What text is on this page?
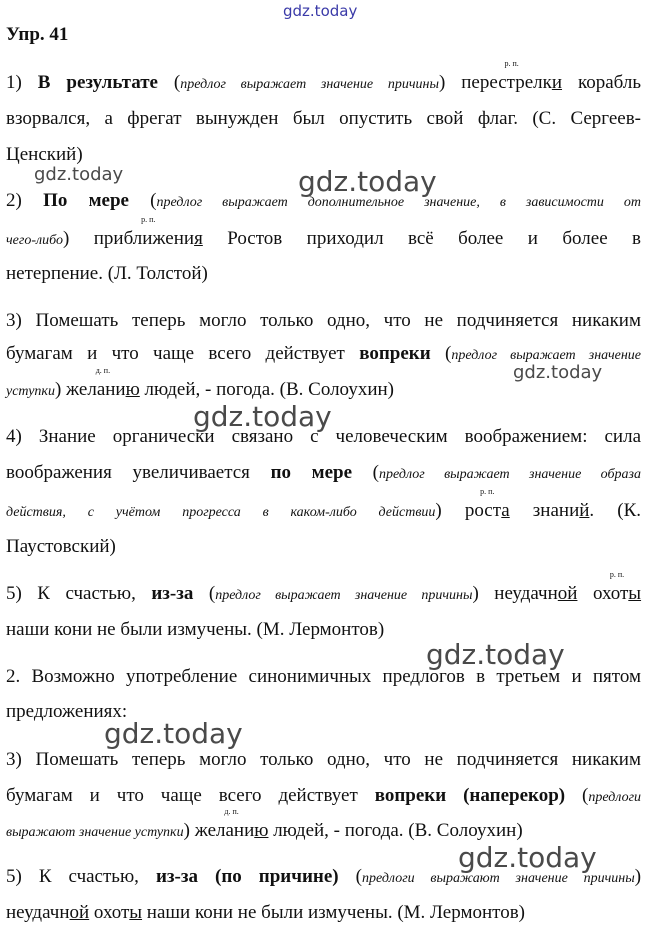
gdz.today
gdz.today	gdz.today
gdz.today
gdz.today
gdz.today
gdz.today
gdz.today
Упр. 41
1) В результате (предлог выражает значение причины)
р. п.
перестрелки корабль
взорвался, а фрегат вынужден был опустить свой флаг. (С. Сергеев-
Ценский)
2) По мере (предлог выражает дополнительное значение, в зависимости от
чего-либо)
р. п.
приближения Ростов приходил всё более и более в
нетерпение. (Л. Толстой)
3) Помешать теперь могло только одно, что не подчиняется никаким
бумагам и что чаще всего действует вопреки (предлог выражает значение
уступки)
д. п.
желанию людей, - погода. (В. Солоухин)
4) Знание органически связано с человеческим воображением: сила
воображения увеличивается по мере (предлог выражает значение образа
действия, с учётом прогресса в каком-либо действии)
р. п.
роста знаний. (К.
Паустовский)
5) К счастью, из-за (предлог выражает значение причины) неудачной
р. п.
охоты
наши кони не были измучены. (М. Лермонтов)
2. Возможно употребление синонимичных предлогов в третьем и пятом
предложениях:
3) Помешать теперь могло только одно, что не подчиняется никаким
бумагам и что чаще всего действует вопреки (наперекор) (предлоги
выражают значение уступки)
д. п.
желанию людей, - погода. (В. Солоухин)
5) К счастью, из-за (по причине) (предлоги выражают значение причины)
неудачной охоты наши кони не были измучены. (М. Лермонтов)
